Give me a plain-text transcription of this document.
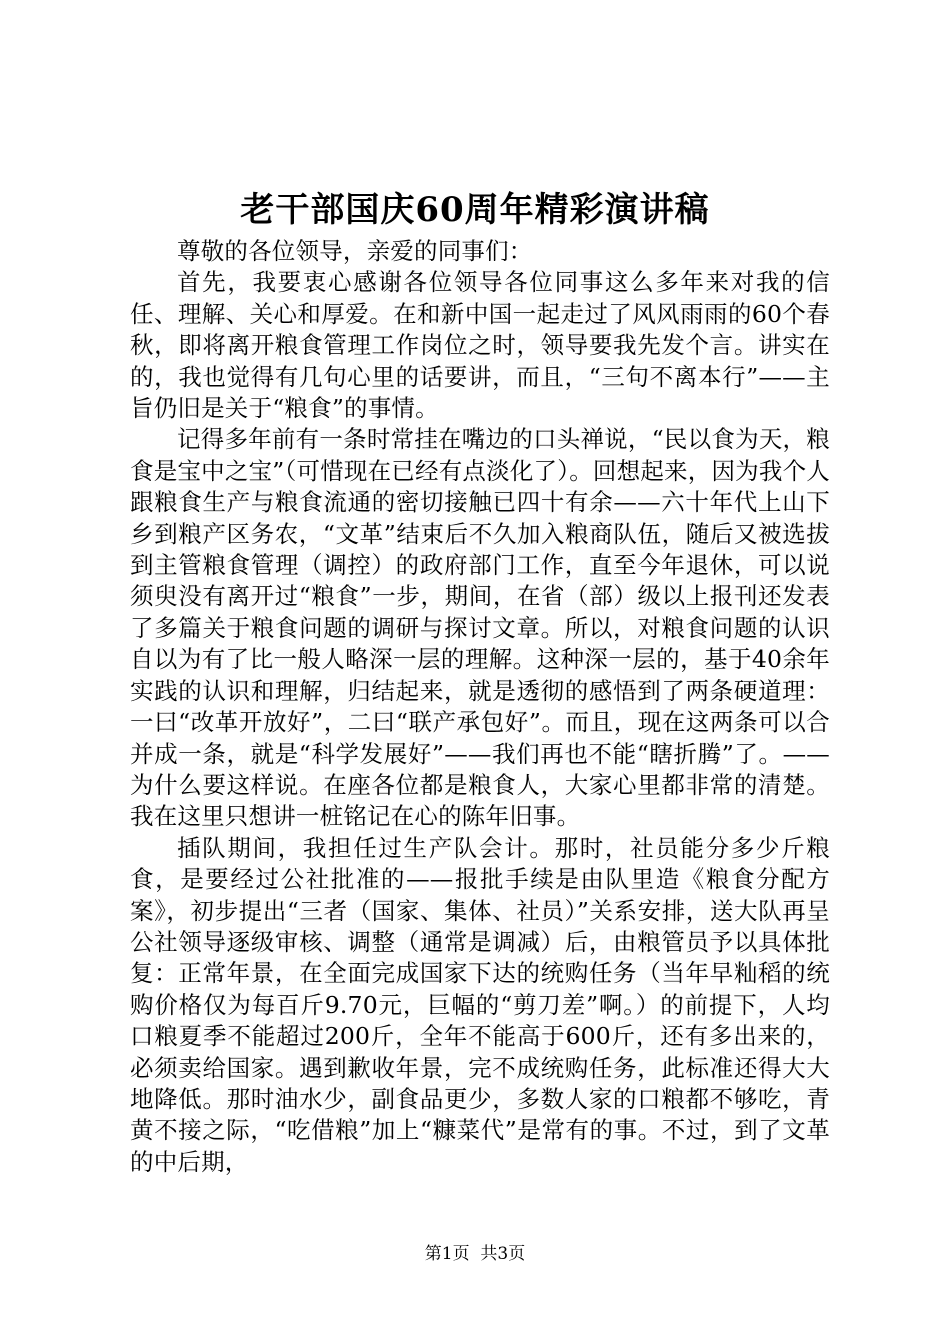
老干部国庆60周年精彩演讲稿

尊敬的各位领导，亲爱的同事们：

首先，我要衷心感谢各位领导各位同事这么多年来对我的信任、理解、关心和厚爱。在和新中国一起走过了风风雨雨的60个春秋，即将离开粮食管理工作岗位之时，领导要我先发个言。讲实在的，我也觉得有几句心里的话要讲，而且，“三句不离本行”——主旨仍旧是关于“粮食”的事情。

记得多年前有一条时常挂在嘴边的口头禅说，“民以食为天，粮食是宝中之宝”（可惜现在已经有点淡化了）。回想起来，因为我个人跟粮食生产与粮食流通的密切接触已四十有余——六十年代上山下乡到粮产区务农，“文革”结束后不久加入粮商队伍，随后又被选拔到主管粮食管理（调控）的政府部门工作，直至今年退休，可以说须臾没有离开过“粮食”一步，期间，在省（部）级以上报刊还发表了多篇关于粮食问题的调研与探讨文章。所以，对粮食问题的认识自以为有了比一般人略深一层的理解。这种深一层的，基于40余年实践的认识和理解，归结起来，就是透彻的感悟到了两条硬道理：一曰“改革开放好”，二曰“联产承包好”。而且，现在这两条可以合并成一条，就是“科学发展好”——我们再也不能“瞎折腾”了。——为什么要这样说。在座各位都是粮食人，大家心里都非常的清楚。我在这里只想讲一桩铭记在心的陈年旧事。

插队期间，我担任过生产队会计。那时，社员能分多少斤粮食，是要经过公社批准的——报批手续是由队里造《粮食分配方案》，初步提出“三者（国家、集体、社员）”关系安排，送大队再呈公社领导逐级审核、调整（通常是调减）后，由粮管员予以具体批复：正常年景，在全面完成国家下达的统购任务（当年早籼稻的统购价格仅为每百斤9.70元，巨幅的“剪刀差”啊。）的前提下，人均口粮夏季不能超过200斤，全年不能高于600斤，还有多出来的，必须卖给国家。遇到歉收年景，完不成统购任务，此标准还得大大地降低。那时油水少，副食品更少，多数人家的口粮都不够吃，青黄不接之际，“吃借粮”加上“糠菜代”是常有的事。不过，到了文革的中后期，

第1页  共3页
